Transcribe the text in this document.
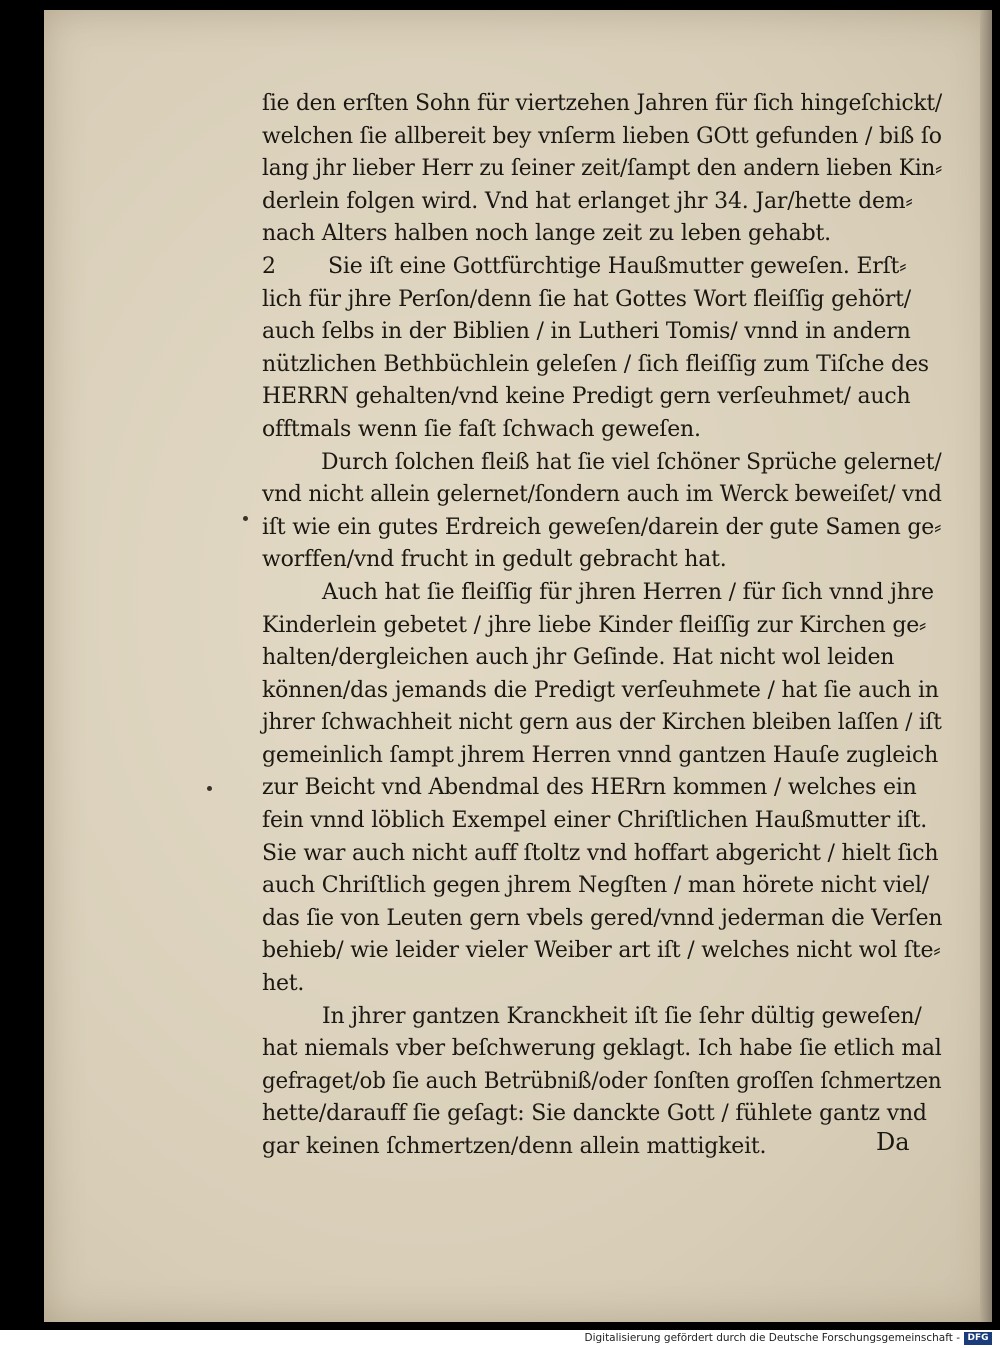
ſie den erſten Sohn für viertzehen Jahren für ſich hingeſchickt/
welchen ſie allbereit bey vnſerm lieben GOtt gefunden / biß ſo
lang jhr lieber Herr zu ſeiner zeit/ſampt den andern lieben Kin⸗
derlein folgen wird. Vnd hat erlanget jhr 34. Jar/hette dem⸗
nach Alters halben noch lange zeit zu leben gehabt.
2 Sie iſt eine Gottfürchtige Haußmutter geweſen. Erſt⸗
lich für jhre Perſon/denn ſie hat Gottes Wort fleiſſig gehört/
auch ſelbs in der Biblien / in Lutheri Tomis/ vnnd in andern
nützlichen Bethbüchlein geleſen / ſich fleiſſig zum Tiſche des
HERRN gehalten/vnd keine Predigt gern verſeuhmet/ auch
offtmals wenn ſie faſt ſchwach geweſen.
Durch ſolchen fleiß hat ſie viel ſchöner Sprüche gelernet/
vnd nicht allein gelernet/ſondern auch im Werck beweiſet/ vnd
iſt wie ein gutes Erdreich geweſen/darein der gute Samen ge⸗
worffen/vnd frucht in gedult gebracht hat.
Auch hat ſie fleiſſig für jhren Herren / für ſich vnnd jhre
Kinderlein gebetet / jhre liebe Kinder fleiſſig zur Kirchen ge⸗
halten/dergleichen auch jhr Geſinde. Hat nicht wol leiden
können/das jemands die Predigt verſeuhmete / hat ſie auch in
jhrer ſchwachheit nicht gern aus der Kirchen bleiben laſſen / iſt
gemeinlich ſampt jhrem Herren vnnd gantzen Hauſe zugleich
zur Beicht vnd Abendmal des HERrn kommen / welches ein
fein vnnd löblich Exempel einer Chriſtlichen Haußmutter iſt.
Sie war auch nicht auff ſtoltz vnd hoffart abgericht / hielt ſich
auch Chriſtlich gegen jhrem Negſten / man hörete nicht viel/
das ſie von Leuten gern vbels gered/vnnd jederman die Verſen
behieb/ wie leider vieler Weiber art iſt / welches nicht wol ſte⸗
het.
In jhrer gantzen Kranckheit iſt ſie ſehr dültig geweſen/
hat niemals vber beſchwerung geklagt. Ich habe ſie etlich mal
gefraget/ob ſie auch Betrübniß/oder ſonſten groſſen ſchmertzen
hette/darauff ſie geſagt: Sie danckte Gott / fühlete gantz vnd
gar keinen ſchmertzen/denn allein mattigkeit.	Da
Digitalisierung gefördert durch die Deutsche Forschungsgemeinschaft - DFG
